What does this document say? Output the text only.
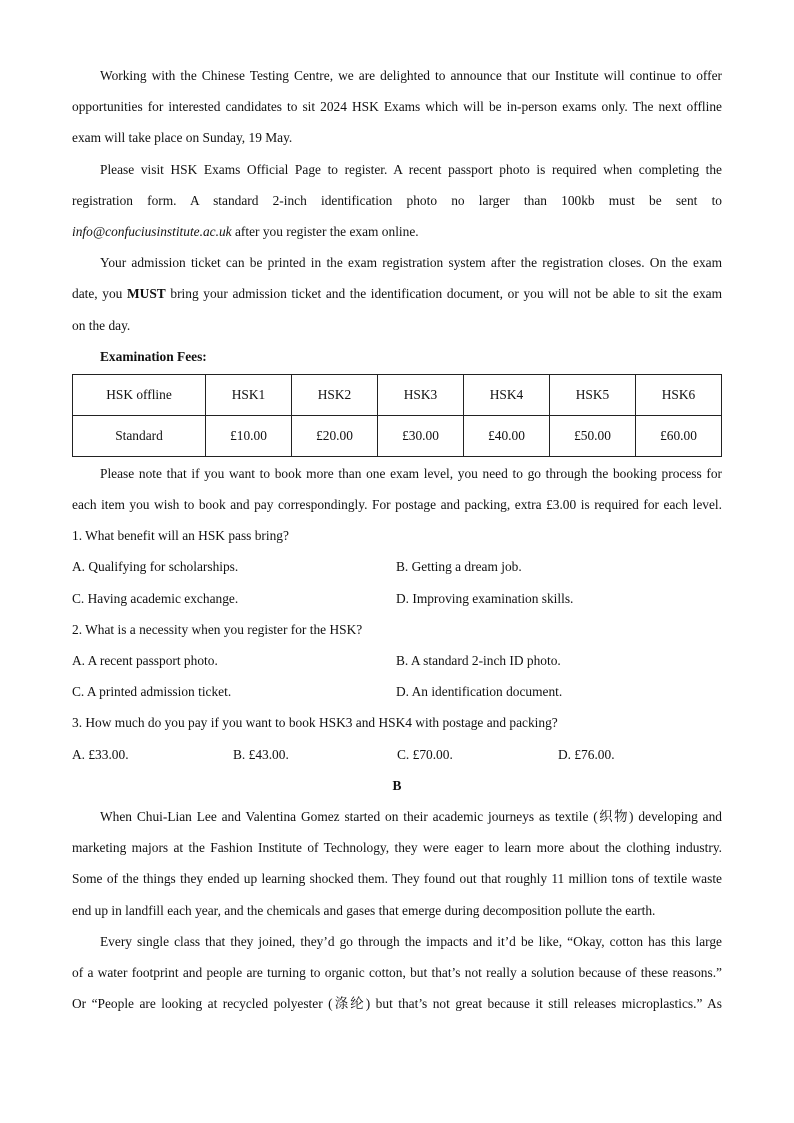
Working with the Chinese Testing Centre, we are delighted to announce that our Institute will continue to offer
opportunities for interested candidates to sit 2024 HSK Exams which will be in-person exams only. The next offline
exam will take place on Sunday, 19 May.
Please visit HSK Exams Official Page to register. A recent passport photo is required when completing the
registration form. A standard 2-inch identification photo no larger than 100kb must be sent to
info@confuciusinstitute.ac.uk after you register the exam online.
Your admission ticket can be printed in the exam registration system after the registration closes. On the exam
date, you MUST bring your admission ticket and the identification document, or you will not be able to sit the exam
on the day.
Examination Fees:
HSK offline	HSK1	HSK2	HSK3	HSK4	HSK5	HSK6
Standard	£10.00	£20.00	£30.00	£40.00	£50.00	£60.00
Please note that if you want to book more than one exam level, you need to go through the booking process for
each item you wish to book and pay correspondingly. For postage and packing, extra £3.00 is required for each level.
1. What benefit will an HSK pass bring?
A. Qualifying for scholarships.	B. Getting a dream job.
C. Having academic exchange.	D. Improving examination skills.
2. What is a necessity when you register for the HSK?
A. A recent passport photo.	B. A standard 2-inch ID photo.
C. A printed admission ticket.	D. An identification document.
3. How much do you pay if you want to book HSK3 and HSK4 with postage and packing?
A. £33.00.	B. £43.00.	C. £70.00.	D. £76.00.
B
When Chui-Lian Lee and Valentina Gomez started on their academic journeys as textile (织物) developing and
marketing majors at the Fashion Institute of Technology, they were eager to learn more about the clothing industry.
Some of the things they ended up learning shocked them. They found out that roughly 11 million tons of textile waste
end up in landfill each year, and the chemicals and gases that emerge during decomposition pollute the earth.
Every single class that they joined, they’d go through the impacts and it’d be like, “Okay, cotton has this large
of a water footprint and people are turning to organic cotton, but that’s not really a solution because of these reasons.”
Or “People are looking at recycled polyester (涤纶) but that’s not great because it still releases microplastics.” As
